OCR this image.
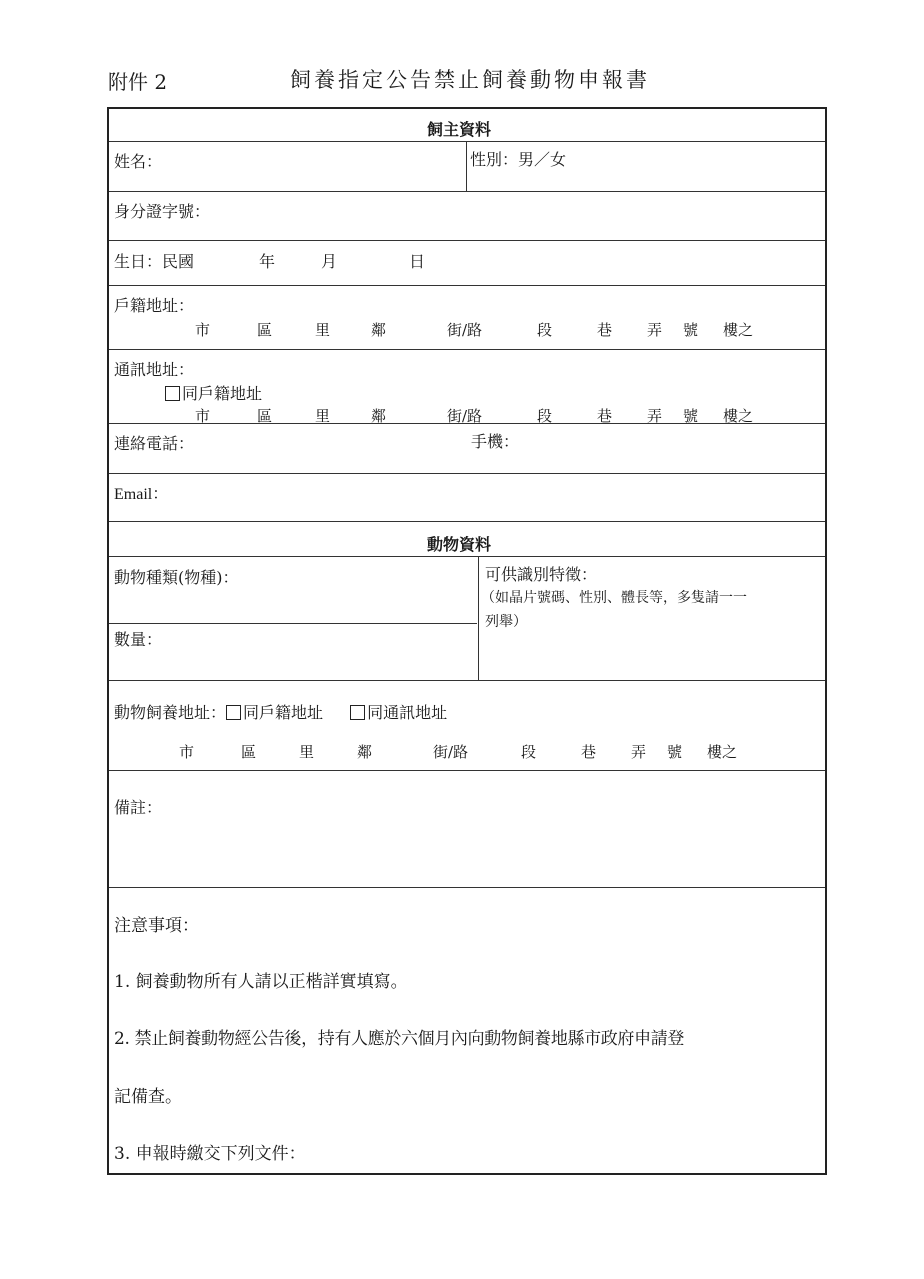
附件 2	飼養指定公告禁止飼養動物申報書
飼主資料
姓名：	性別：男／女
身分證字號：
生日：民國	年	月	日
戶籍地址：
市	區	里	鄰	街/路	段	巷 弄 號 樓之
通訊地址：
同戶籍地址
市	區	里	鄰	街/路	段	巷 弄 號 樓之
連絡電話：	手機：
Email：
動物資料
動物種類(物種)：	可供識別特徵：
（如晶片號碼、性別、體長等，多隻請一一
列舉）
數量：
動物飼養地址： 同戶籍地址	同通訊地址
市	區	里	鄰	街/路	段	巷 弄 號 樓之
備註：
注意事項：
1. 飼養動物所有人請以正楷詳實填寫。
2. 禁止飼養動物經公告後，持有人應於六個月內向動物飼養地縣市政府申請登
記備查。
3. 申報時繳交下列文件：
